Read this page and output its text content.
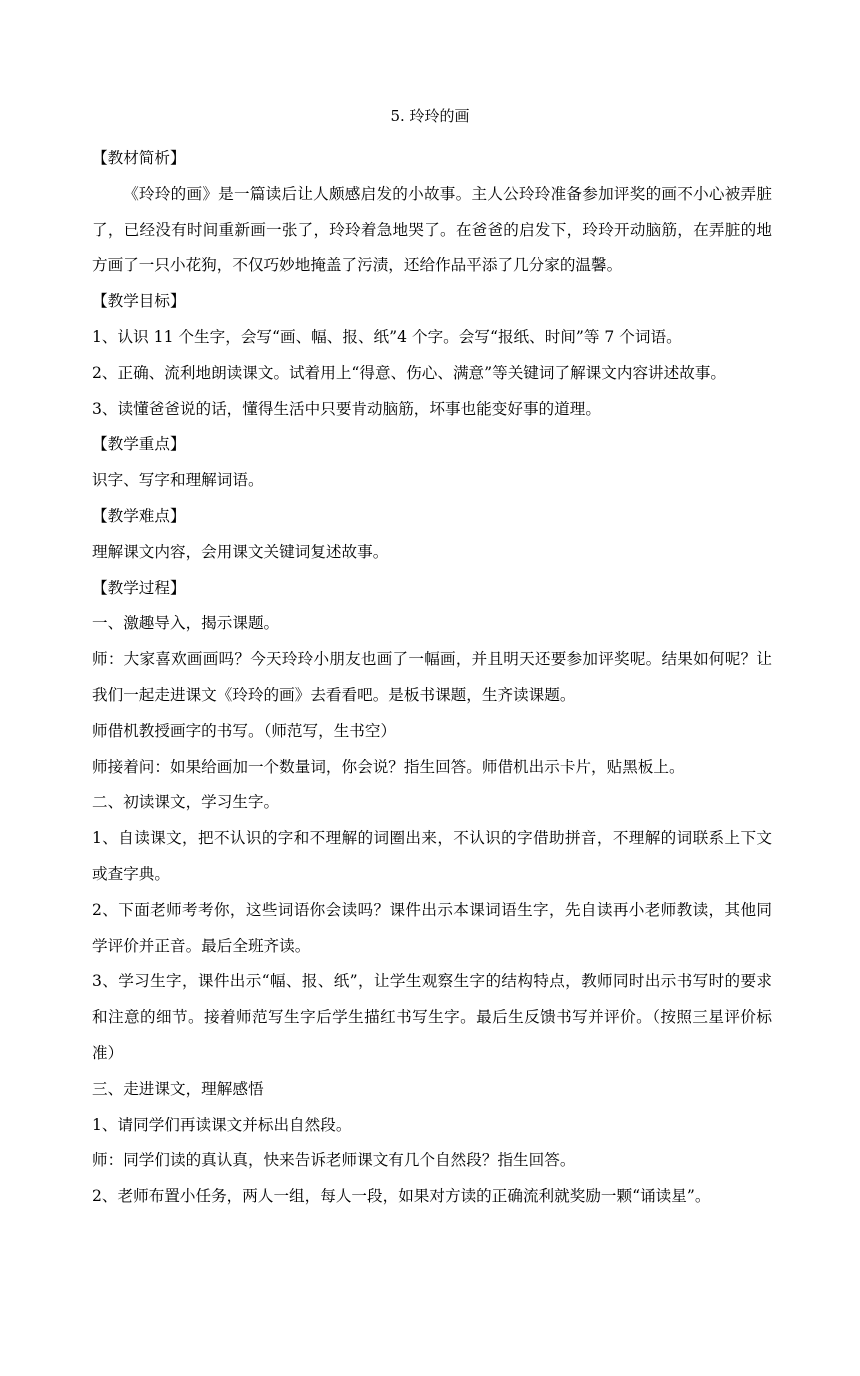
5. 玲玲的画

【教材简析】

《玲玲的画》是一篇读后让人颇感启发的小故事。主人公玲玲准备参加评奖的画不小心被弄脏了，已经没有时间重新画一张了，玲玲着急地哭了。在爸爸的启发下，玲玲开动脑筋，在弄脏的地方画了一只小花狗，不仅巧妙地掩盖了污渍，还给作品平添了几分家的温馨。

【教学目标】

1、认识 11 个生字，会写“画、幅、报、纸”4 个字。会写“报纸、时间”等 7 个词语。

2、正确、流利地朗读课文。试着用上“得意、伤心、满意”等关键词了解课文内容讲述故事。

3、读懂爸爸说的话，懂得生活中只要肯动脑筋，坏事也能变好事的道理。

【教学重点】

识字、写字和理解词语。

【教学难点】

理解课文内容，会用课文关键词复述故事。

【教学过程】

一、激趣导入，揭示课题。

师：大家喜欢画画吗？今天玲玲小朋友也画了一幅画，并且明天还要参加评奖呢。结果如何呢？让我们一起走进课文《玲玲的画》去看看吧。是板书课题，生齐读课题。

师借机教授画字的书写。（师范写，生书空）

师接着问：如果给画加一个数量词，你会说？指生回答。师借机出示卡片，贴黑板上。

二、初读课文，学习生字。

1、自读课文，把不认识的字和不理解的词圈出来，不认识的字借助拼音，不理解的词联系上下文或查字典。

2、下面老师考考你，这些词语你会读吗？课件出示本课词语生字，先自读再小老师教读，其他同学评价并正音。最后全班齐读。

3、学习生字，课件出示“幅、报、纸”，让学生观察生字的结构特点，教师同时出示书写时的要求和注意的细节。接着师范写生字后学生描红书写生字。最后生反馈书写并评价。（按照三星评价标准）

三、走进课文，理解感悟

1、请同学们再读课文并标出自然段。

师：同学们读的真认真，快来告诉老师课文有几个自然段？指生回答。

2、老师布置小任务，两人一组，每人一段，如果对方读的正确流利就奖励一颗“诵读星”。
